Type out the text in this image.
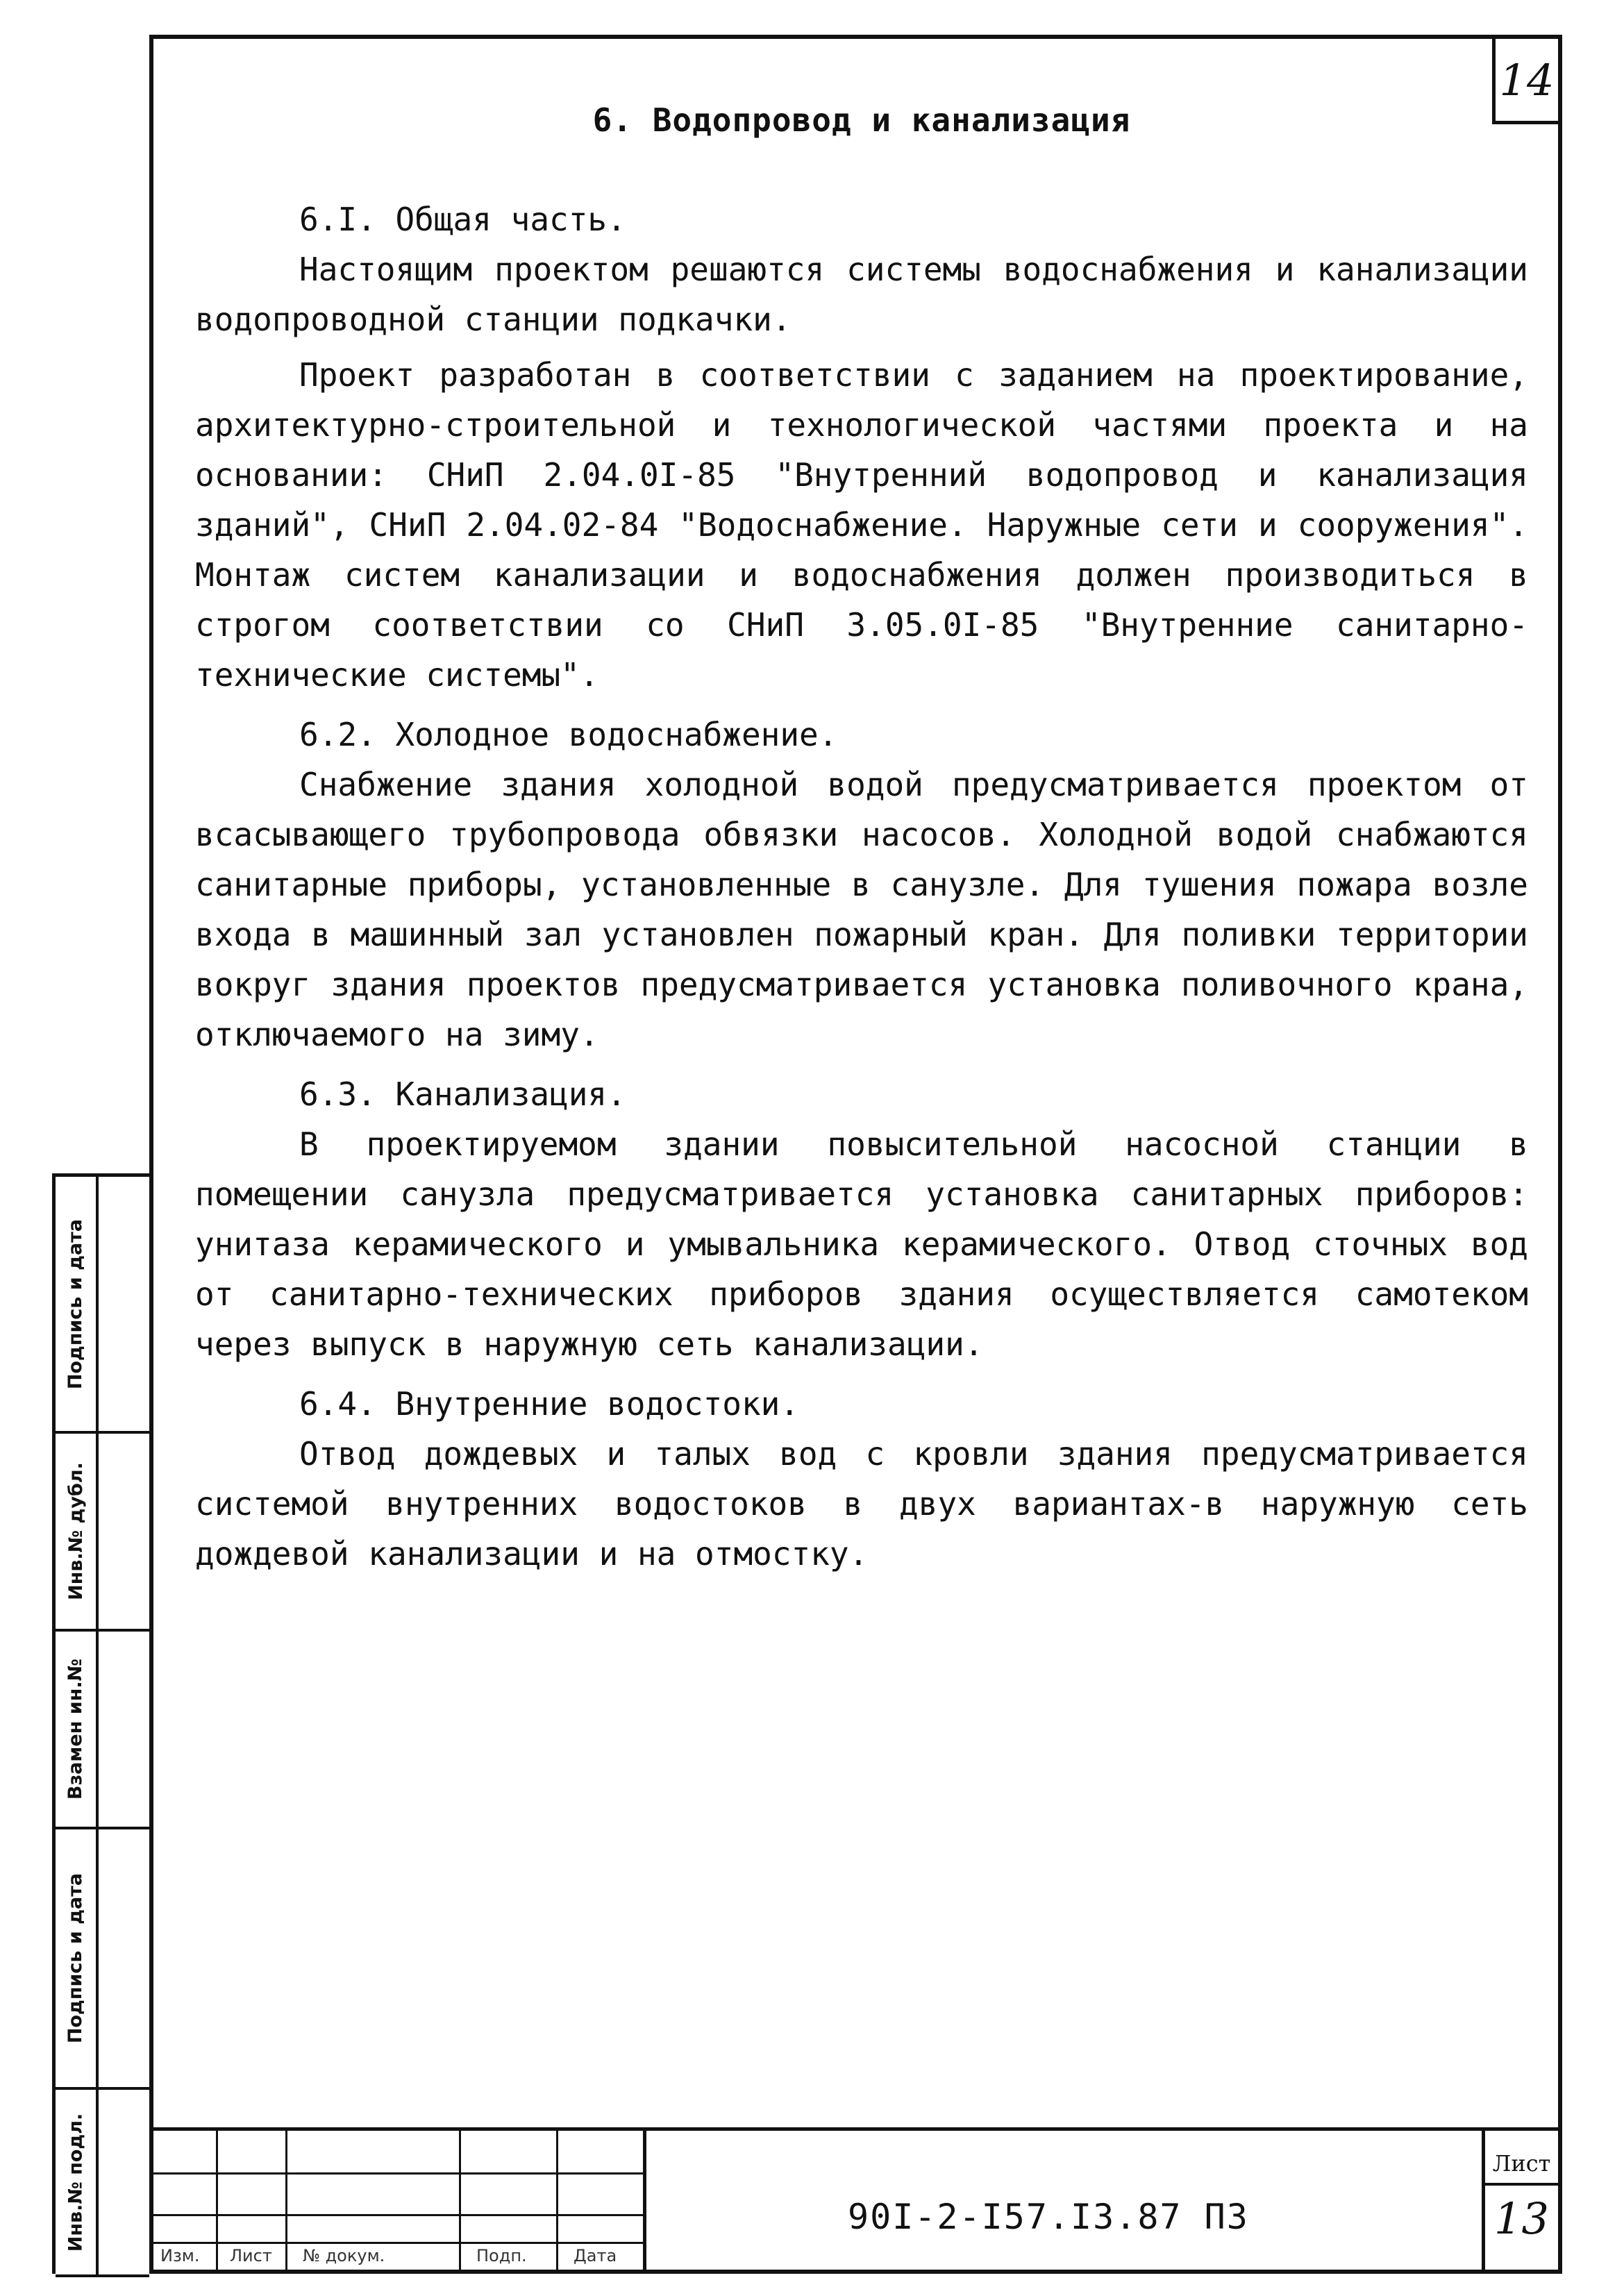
14
6. Водопровод и канализация

6.I. Общая часть.

Настоящим проектом решаются системы водоснабжения и канализации водопроводной станции подкачки.

Проект разработан в соответствии с заданием на проектирование, архитектурно-строительной и технологической частями проекта и на основании: СНиП 2.04.0I-85 "Внутренний водопровод и канализация зданий", СНиП 2.04.02-84 "Водоснабжение. Наружные сети и сооружения". Монтаж систем канализации и водоснабжения должен производиться в строгом соответствии со СНиП 3.05.0I-85 "Внутренние санитарно-технические системы".

6.2. Холодное водоснабжение.

Снабжение здания холодной водой предусматривается проектом от всасывающего трубопровода обвязки насосов. Холодной водой снабжаются санитарные приборы, установленные в санузле. Для тушения пожара возле входа в машинный зал установлен пожарный кран. Для поливки территории вокруг здания проектов предусматривается установка поливочного крана, отключаемого на зиму.

6.3. Канализация.

В проектируемом здании повысительной насосной станции в помещении санузла предусматривается установка санитарных приборов: унитаза керамического и умывальника керамического. Отвод сточных вод от санитарно-технических приборов здания осуществляется самотеком через выпуск в наружную сеть канализации.

6.4. Внутренние водостоки.

Отвод дождевых и талых вод с кровли здания предусматривается системой внутренних водостоков в двух вариантах-в наружную сеть дождевой канализации и на отмостку.

Изм. Лист № докум.	Подп.	Дата
90I-2-I57.I3.87 ПЗ
Лист
13
Подпись и дата
Инв.№ дубл.
Взамен ин.№
Подпись и дата
Инв.№ подл.
